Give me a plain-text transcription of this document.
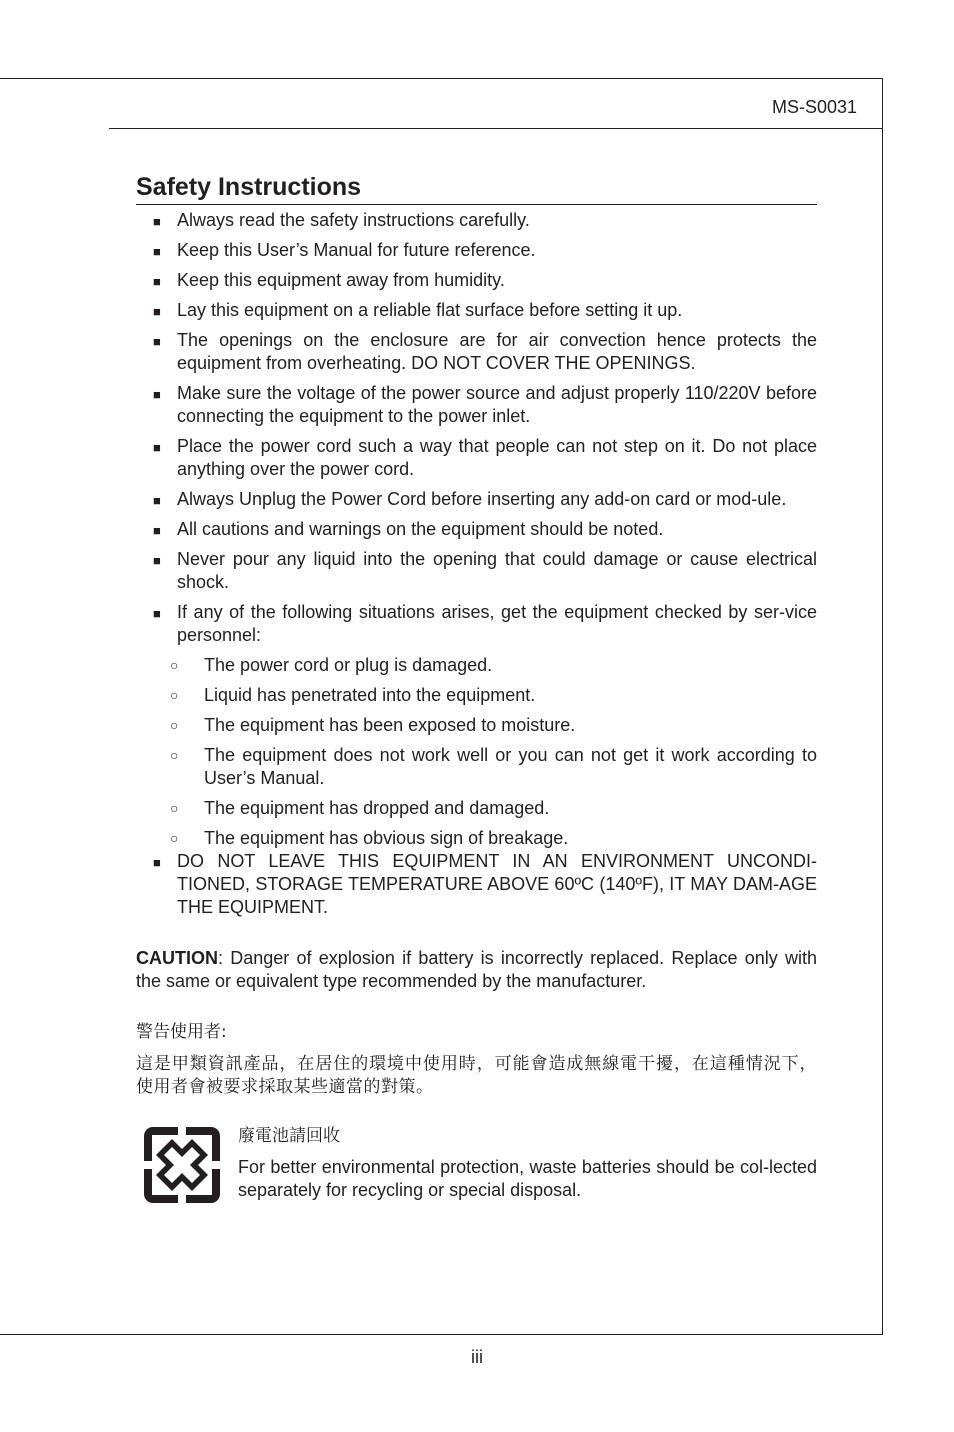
MS-S0031
Safety Instructions
■ Always read the safety instructions carefully.
■ Keep this User’s Manual for future reference.
■ Keep this equipment away from humidity.
■ Lay this equipment on a reliable flat surface before setting it up.
■ The openings on the enclosure are for air convection hence protects the equipment from overheating. DO NOT COVER THE OPENINGS.
■ Make sure the voltage of the power source and adjust properly 110/220V before connecting the equipment to the power inlet.
■ Place the power cord such a way that people can not step on it. Do not place anything over the power cord.
■ Always Unplug the Power Cord before inserting any add-on card or mod-ule.
■ All cautions and warnings on the equipment should be noted.
■ Never pour any liquid into the opening that could damage or cause electrical shock.
■ If any of the following situations arises, get the equipment checked by ser-vice personnel:
○ The power cord or plug is damaged.
○ Liquid has penetrated into the equipment.
○ The equipment has been exposed to moisture.
○ The equipment does not work well or you can not get it work according to User’s Manual.
○ The equipment has dropped and damaged.
○ The equipment has obvious sign of breakage.
■ DO NOT LEAVE THIS EQUIPMENT IN AN ENVIRONMENT UNCONDI-TIONED, STORAGE TEMPERATURE ABOVE 60ºC (140ºF), IT MAY DAM-AGE THE EQUIPMENT.
CAUTION: Danger of explosion if battery is incorrectly replaced. Replace only with the same or equivalent type recommended by the manufacturer.
警告使用者:
這是甲類資訊產品，在居住的環境中使用時，可能會造成無線電干擾，在這種情況下，使用者會被要求採取某些適當的對策。
廢電池請回收
For better environmental protection, waste batteries should be col-lected separately for recycling or special disposal.
iii
